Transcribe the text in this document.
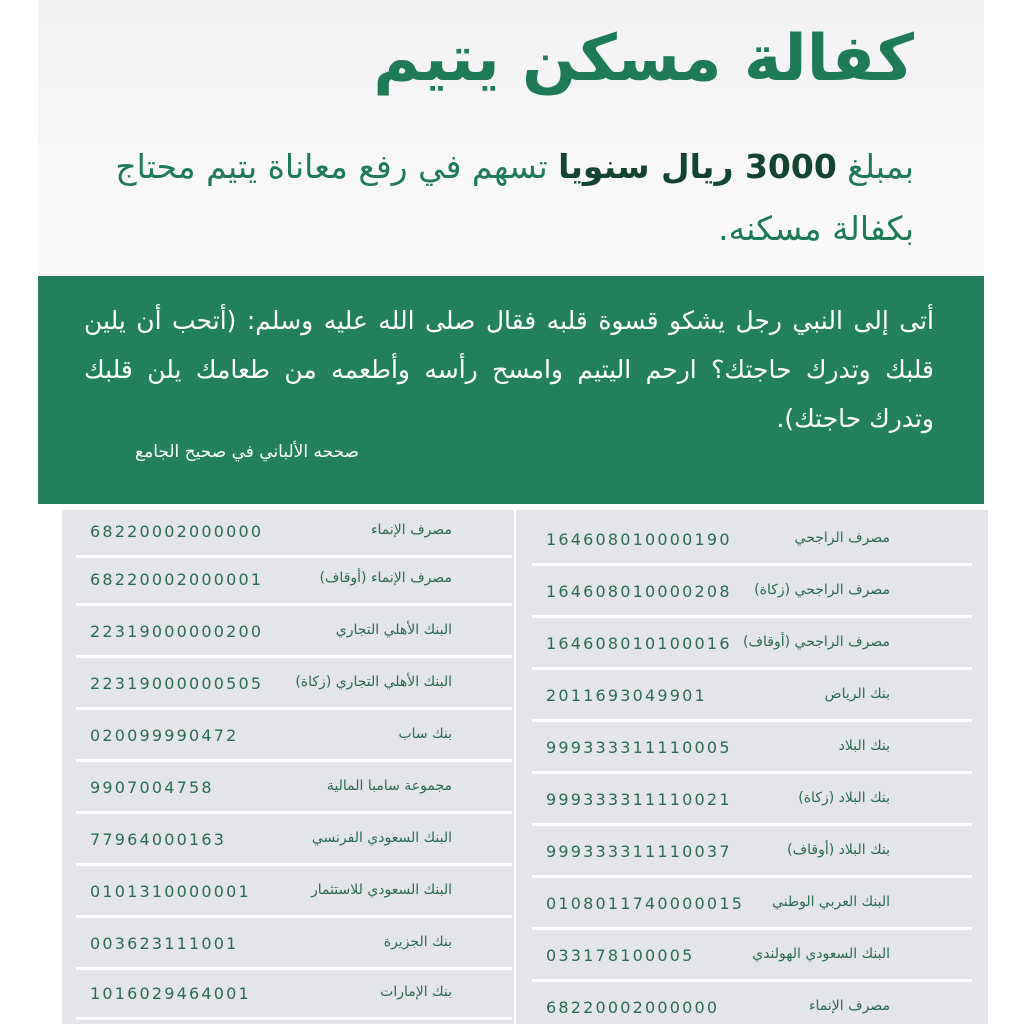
كفالة مسكن يتيم
بمبلغ 3000 ريال سنويا تسهم في رفع معاناة يتيم محتاج بكفالة مسكنه.
أتى إلى النبي رجل يشكو قسوة قلبه فقال صلى الله عليه وسلم: (أتحب أن يلين قلبك وتدرك حاجتك؟ ارحم اليتيم وامسح رأسه وأطعمه من طعامك يلن قلبك وتدرك حاجتك).
صححه الألباني في صحيح الجامع
68220002000000	مصرف الإنماء
68220002000001	مصرف الإنماء (أوقاف)
22319000000200	البنك الأهلي التجاري
22319000000505 البنك الأهلي التجاري (زكاة)
020099990472	بنك ساب
9907004758	مجموعة سامبا المالية
77964000163	البنك السعودي الفرنسي
0101310000001	البنك السعودي للاستثمار
003623111001	بنك الجزيرة
1016029464001	بنك الإمارات
164608010000190	مصرف الراجحي
164608010000208 مصرف الراجحي (زكاة)
164608010100016 مصرف الراجحي (أوقاف)
2011693049901	بنك الرياض
999333311110005	بنك البلاد
999333311110021	بنك البلاد (زكاة)
999333311110037	بنك البلاد (أوقاف)
0108011740000015 البنك العربي الوطني
033178100005	البنك السعودي الهولندي
68220002000000	مصرف الإنماء
